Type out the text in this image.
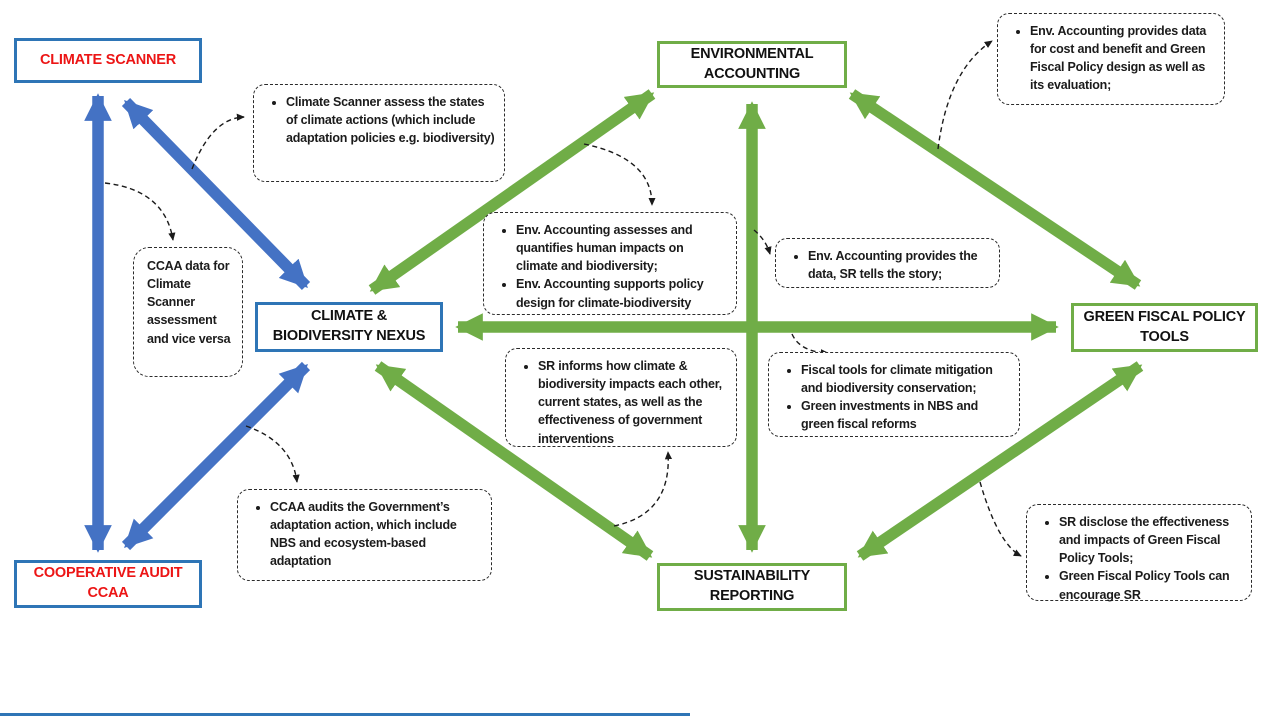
CLIMATE SCANNER
COOPERATIVE AUDIT
CCAA
CLIMATE &
BIODIVERSITY NEXUS
ENVIRONMENTAL
ACCOUNTING
GREEN FISCAL POLICY
TOOLS
SUSTAINABILITY
REPORTING
• Climate Scanner assess the states of climate actions (which include adaptation policies e.g. biodiversity)
CCAA data for Climate Scanner assessment and vice versa
• Env. Accounting provides data for cost and benefit and Green Fiscal Policy design as well as its evaluation;
• Env. Accounting assesses and quantifies human impacts on climate and biodiversity;
• Env. Accounting supports policy design for climate-biodiversity
• Env. Accounting provides the data, SR tells the story;
• SR informs how climate & biodiversity impacts each other, current states, as well as the effectiveness of government interventions
• Fiscal tools for climate mitigation and biodiversity conservation;
• Green investments in NBS and green fiscal reforms
• CCAA audits the Government’s adaptation action, which include NBS and ecosystem-based adaptation
• SR disclose the effectiveness and impacts of Green Fiscal Policy Tools;
• Green Fiscal Policy Tools can encourage SR
